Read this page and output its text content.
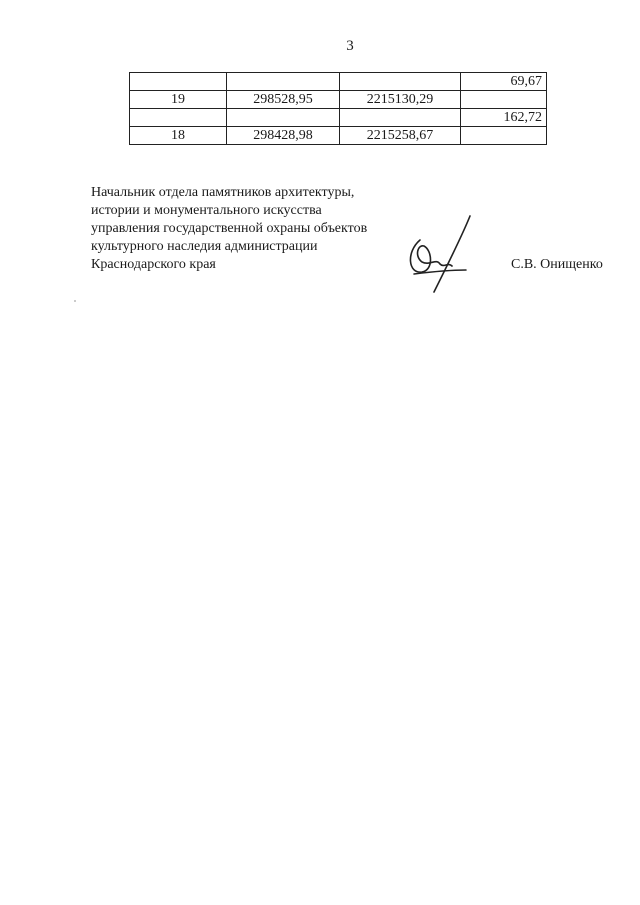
3
			69,67
19	298528,95	2215130,29	
			162,72
18	298428,98	2215258,67	
Начальник отдела памятников архитектуры,
истории и монументального искусства
управления государственной охраны объектов
культурного наследия администрации
Краснодарского края	С.В. Онищенко
